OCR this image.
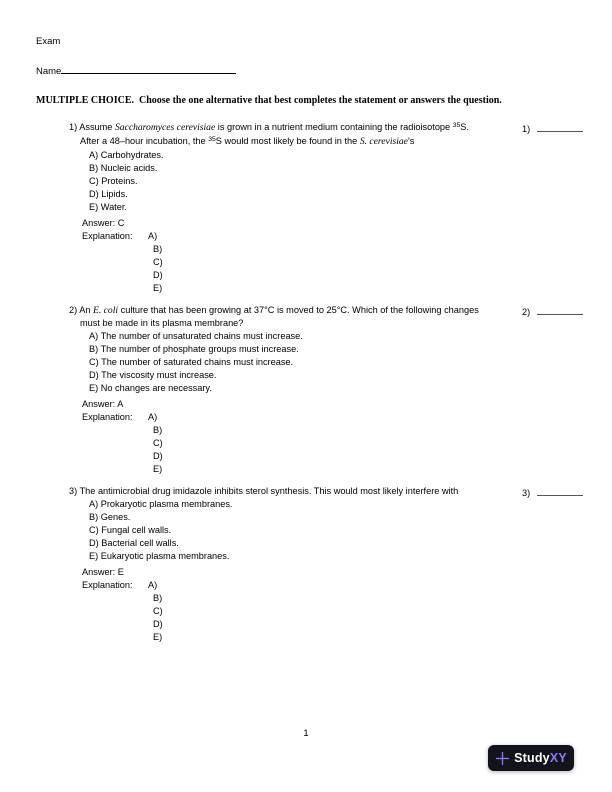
Exam
Name
MULTIPLE CHOICE.  Choose the one alternative that best completes the statement or answers the question.
1) Assume Saccharomyces cerevisiae is grown in a nutrient medium containing the radioisotope $^{35}$S.
After a 48–hour incubation, the $^{35}$S would most likely be found in the S. cerevisiae's
A) Carbohydrates.
B) Nucleic acids.
C) Proteins.
D) Lipids.
E) Water.
Answer: C
Explanation: A)
B)
C)
D)
E)
1)
2) An E. coli culture that has been growing at 37°C is moved to 25°C. Which of the following changes
must be made in its plasma membrane?
A) The number of unsaturated chains must increase.
B) The number of phosphate groups must increase.
C) The number of saturated chains must increase.
D) The viscosity must increase.
E) No changes are necessary.
Answer: A
Explanation: A)
B)
C)
D)
E)
2)
3) The antimicrobial drug imidazole inhibits sterol synthesis. This would most likely interfere with
A) Prokaryotic plasma membranes.
B) Genes.
C) Fungal cell walls.
D) Bacterial cell walls.
E) Eukaryotic plasma membranes.
Answer: E
Explanation: A)
B)
C)
D)
E)
3)
1
StudyXY
